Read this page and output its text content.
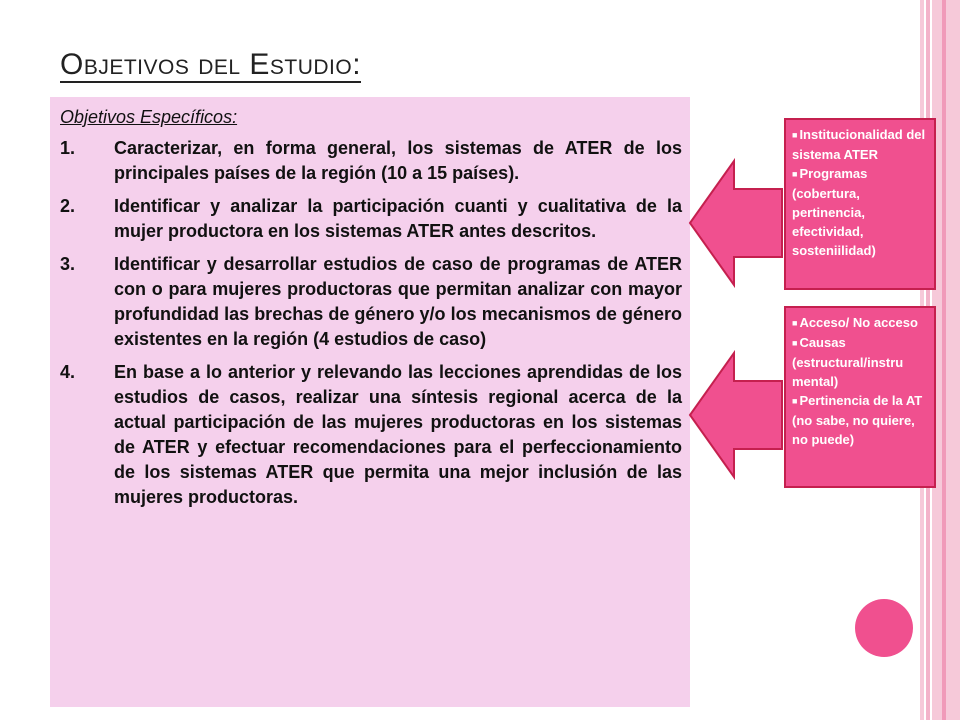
Objetivos del Estudio:
Objetivos Específicos:
1.	Caracterizar, en forma general, los sistemas de ATER de los principales países de la región (10 a 15 países).
2.	Identificar y analizar la participación cuanti y cualitativa de la mujer productora en los sistemas ATER antes descritos.
3.	Identificar y desarrollar estudios de caso de programas de ATER con o para mujeres productoras que permitan analizar con mayor profundidad las brechas de género y/o los mecanismos de género existentes en la región (4 estudios de caso)
4.	En base a lo anterior y relevando las lecciones aprendidas de los estudios de casos, realizar una síntesis regional acerca de la actual participación de las mujeres productoras en los sistemas de ATER y efectuar recomendaciones para el perfeccionamiento de los sistemas ATER que permita una mejor inclusión de las mujeres productoras.
■ Institucionalidad del sistema ATER
■ Programas (cobertura, pertinencia, efectividad, sosteniilidad)
■ Acceso/ No acceso
■ Causas (estructural/instru mental)
■ Pertinencia de la AT (no sabe, no quiere, no puede)
